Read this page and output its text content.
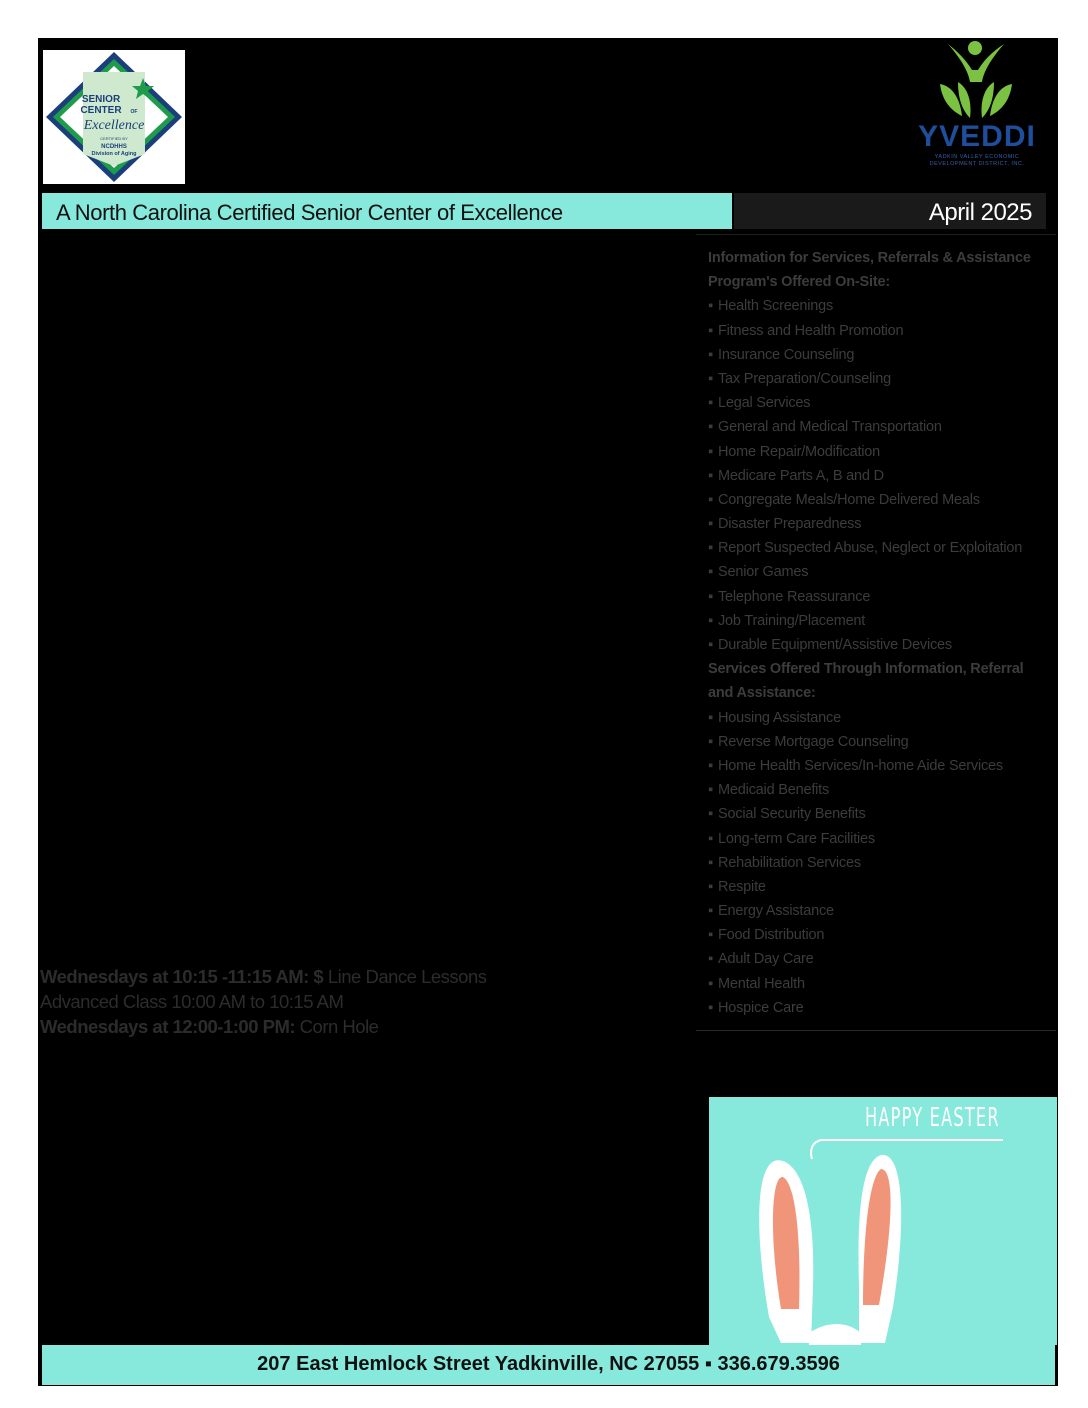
SENIOR
CENTER OF
Excellence
CERTIFIED BY
NCDHHS
Division of Aging
YVEDDI
YADKIN VALLEY ECONOMIC
DEVELOPMENT DISTRICT, INC.
A North Carolina Certified Senior Center of Excellence	April 2025
Information for Services, Referrals & Assistance
Program's Offered On-Site:
▪ Health Screenings
▪ Fitness and Health Promotion
▪ Insurance Counseling
▪ Tax Preparation/Counseling
▪ Legal Services
▪ General and Medical Transportation
▪ Home Repair/Modification
▪ Medicare Parts A, B and D
▪ Congregate Meals/Home Delivered Meals
▪ Disaster Preparedness
▪ Report Suspected Abuse, Neglect or Exploitation
▪ Senior Games
▪ Telephone Reassurance
▪ Job Training/Placement
▪ Durable Equipment/Assistive Devices
Services Offered Through Information, Referral
and Assistance:
▪ Housing Assistance
▪ Reverse Mortgage Counseling
▪ Home Health Services/In-home Aide Services
▪ Medicaid Benefits
▪ Social Security Benefits
▪ Long-term Care Facilities
▪ Rehabilitation Services
▪ Respite
▪ Energy Assistance
▪ Food Distribution
▪ Adult Day Care
▪ Mental Health
▪ Hospice Care
Wednesdays at 10:15 -11:15 AM: $ Line Dance Lessons
Advanced Class 10:00 AM to 10:15 AM
Wednesdays at 12:00-1:00 PM: Corn Hole
HAPPY EASTER
207 East Hemlock Street Yadkinville, NC 27055 ▪ 336.679.3596
